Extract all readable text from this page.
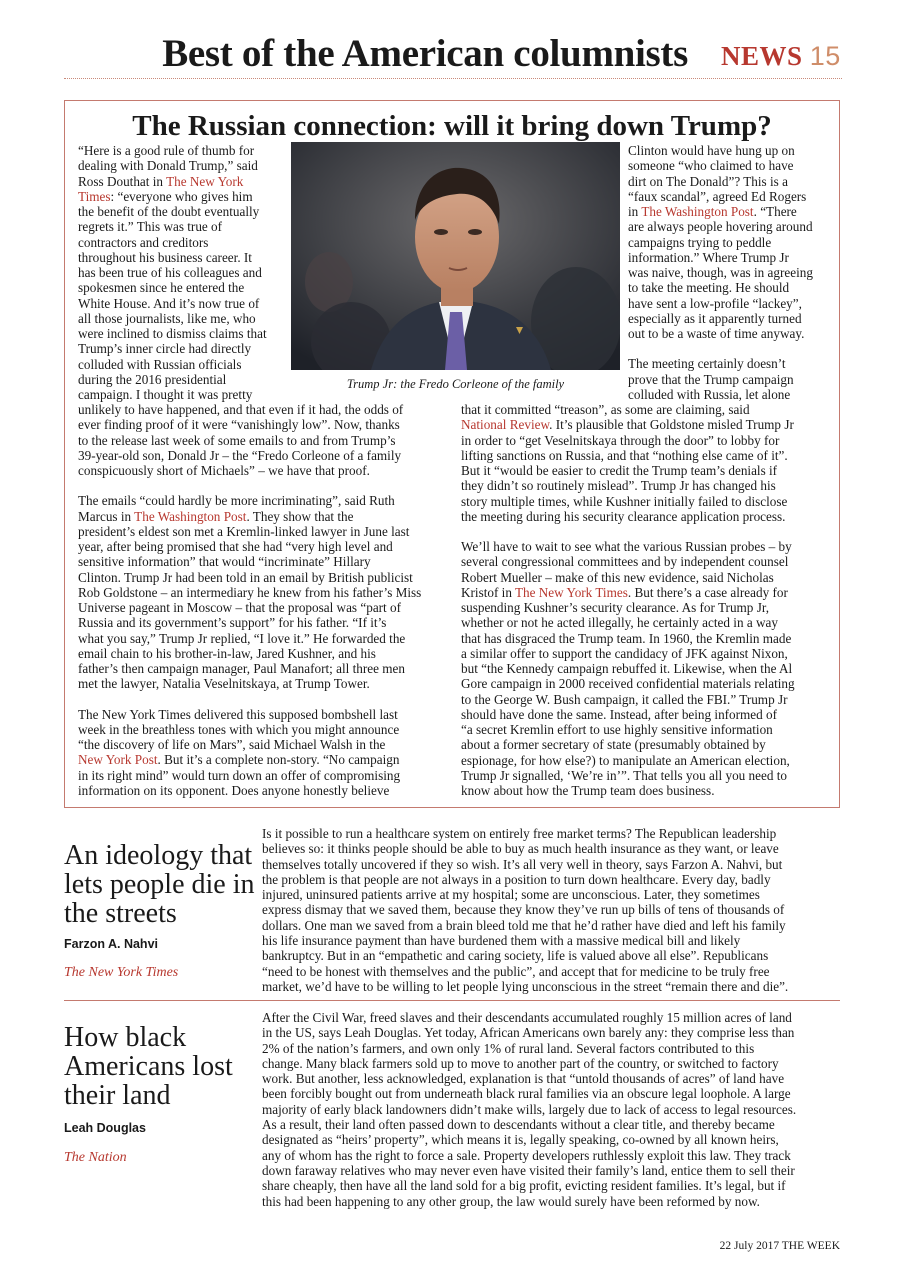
Best of the American columnists NEWS 15
The Russian connection: will it bring down Trump?
Trump Jr: the Fredo Corleone of the family

“Here is a good rule of thumb for

dealing with Donald Trump,” said

Ross Douthat in The New York

Times: “everyone who gives him

the benefit of the doubt eventually

regrets it.” This was true of

contractors and creditors

throughout his business career. It

has been true of his colleagues and

spokesmen since he entered the

White House. And it’s now true of

all those journalists, like me, who

were inclined to dismiss claims that

Trump’s inner circle had directly

colluded with Russian officials

during the 2016 presidential

campaign. I thought it was pretty

unlikely to have happened, and that even if it had, the odds of

ever finding proof of it were “vanishingly low”. Now, thanks

to the release last week of some emails to and from Trump’s

39-year-old son, Donald Jr – the “Fredo Corleone of a family

conspicuously short of Michaels” – we have that proof.

The emails “could hardly be more incriminating”, said Ruth

Marcus in The Washington Post. They show that the

president’s eldest son met a Kremlin-linked lawyer in June last

year, after being promised that she had “very high level and

sensitive information” that would “incriminate” Hillary

Clinton. Trump Jr had been told in an email by British publicist

Rob Goldstone – an intermediary he knew from his father’s Miss

Universe pageant in Moscow – that the proposal was “part of

Russia and its government’s support” for his father. “If it’s

what you say,” Trump Jr replied, “I love it.” He forwarded the

email chain to his brother-in-law, Jared Kushner, and his

father’s then campaign manager, Paul Manafort; all three men

met the lawyer, Natalia Veselnitskaya, at Trump Tower.

The New York Times delivered this supposed bombshell last

week in the breathless tones with which you might announce

“the discovery of life on Mars”, said Michael Walsh in the

New York Post. But it’s a complete non-story. “No campaign

in its right mind” would turn down an offer of compromising

information on its opponent. Does anyone honestly believe

Clinton would have hung up on

someone “who claimed to have

dirt on The Donald”? This is a

“faux scandal”, agreed Ed Rogers

in The Washington Post. “There

are always people hovering around

campaigns trying to peddle

information.” Where Trump Jr

was naive, though, was in agreeing

to take the meeting. He should

have sent a low-profile “lackey”,

especially as it apparently turned

out to be a waste of time anyway.

The meeting certainly doesn’t

prove that the Trump campaign

colluded with Russia, let alone

that it committed “treason”, as some are claiming, said

National Review. It’s plausible that Goldstone misled Trump Jr

in order to “get Veselnitskaya through the door” to lobby for

lifting sanctions on Russia, and that “nothing else came of it”.

But it “would be easier to credit the Trump team’s denials if

they didn’t so routinely mislead”. Trump Jr has changed his

story multiple times, while Kushner initially failed to disclose

the meeting during his security clearance application process.

We’ll have to wait to see what the various Russian probes – by

several congressional committees and by independent counsel

Robert Mueller – make of this new evidence, said Nicholas

Kristof in The New York Times. But there’s a case already for

suspending Kushner’s security clearance. As for Trump Jr,

whether or not he acted illegally, he certainly acted in a way

that has disgraced the Trump team. In 1960, the Kremlin made

a similar offer to support the candidacy of JFK against Nixon,

but “the Kennedy campaign rebuffed it. Likewise, when the Al

Gore campaign in 2000 received confidential materials relating

to the George W. Bush campaign, it called the FBI.” Trump Jr

should have done the same. Instead, after being informed of

“a secret Kremlin effort to use highly sensitive information

about a former secretary of state (presumably obtained by

espionage, for how else?) to manipulate an American election,

Trump Jr signalled, ‘We’re in’”. That tells you all you need to

know about how the Trump team does business.

An ideology that lets people die in the streets
Farzon A. Nahvi
The New York Times

Is it possible to run a healthcare system on entirely free market terms? The Republican leadership

believes so: it thinks people should be able to buy as much health insurance as they want, or leave

themselves totally uncovered if they so wish. It’s all very well in theory, says Farzon A. Nahvi, but

the problem is that people are not always in a position to turn down healthcare. Every day, badly

injured, uninsured patients arrive at my hospital; some are unconscious. Later, they sometimes

express dismay that we saved them, because they know they’ve run up bills of tens of thousands of

dollars. One man we saved from a brain bleed told me that he’d rather have died and left his family

his life insurance payment than have burdened them with a massive medical bill and likely

bankruptcy. But in an “empathetic and caring society, life is valued above all else”. Republicans

“need to be honest with themselves and the public”, and accept that for medicine to be truly free

market, we’d have to be willing to let people lying unconscious in the street “remain there and die”.

How black Americans lost their land
Leah Douglas
The Nation

After the Civil War, freed slaves and their descendants accumulated roughly 15 million acres of land

in the US, says Leah Douglas. Yet today, African Americans own barely any: they comprise less than

2% of the nation’s farmers, and own only 1% of rural land. Several factors contributed to this

change. Many black farmers sold up to move to another part of the country, or switched to factory

work. But another, less acknowledged, explanation is that “untold thousands of acres” of land have

been forcibly bought out from underneath black rural families via an obscure legal loophole. A large

majority of early black landowners didn’t make wills, largely due to lack of access to legal resources.

As a result, their land often passed down to descendants without a clear title, and thereby became

designated as “heirs’ property”, which means it is, legally speaking, co-owned by all known heirs,

any of whom has the right to force a sale. Property developers ruthlessly exploit this law. They track

down faraway relatives who may never even have visited their family’s land, entice them to sell their

share cheaply, then have all the land sold for a big profit, evicting resident families. It’s legal, but if

this had been happening to any other group, the law would surely have been reformed by now.

22 July 2017 THE WEEK
